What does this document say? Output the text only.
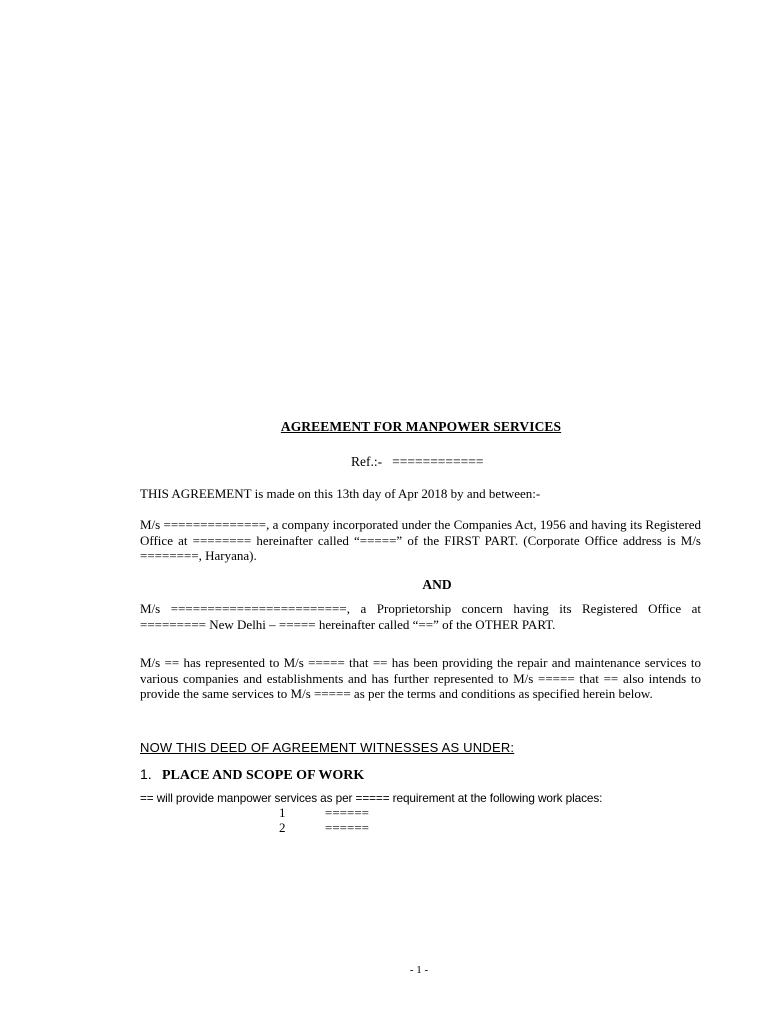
AGREEMENT FOR MANPOWER SERVICES
Ref.:- ============
THIS AGREEMENT is made on this 13th day of Apr 2018 by and between:-
M/s ==============, a company incorporated under the Companies Act, 1956 and having its Registered Office at ======== hereinafter called “=====” of the FIRST PART. (Corporate Office address is M/s ========, Haryana).
AND
M/s ========================, a Proprietorship concern having its Registered Office at ========= New Delhi – ===== hereinafter called “==” of the OTHER PART.
M/s == has represented to M/s ===== that == has been providing the repair and maintenance services to various companies and establishments and has further represented to M/s ===== that == also intends to provide the same services to M/s ===== as per the terms and conditions as specified herein below.
NOW THIS DEED OF AGREEMENT WITNESSES AS UNDER:
1. PLACE AND SCOPE OF WORK
== will provide manpower services as per ===== requirement at the following work places:
1	======
2	======
- 1 -
